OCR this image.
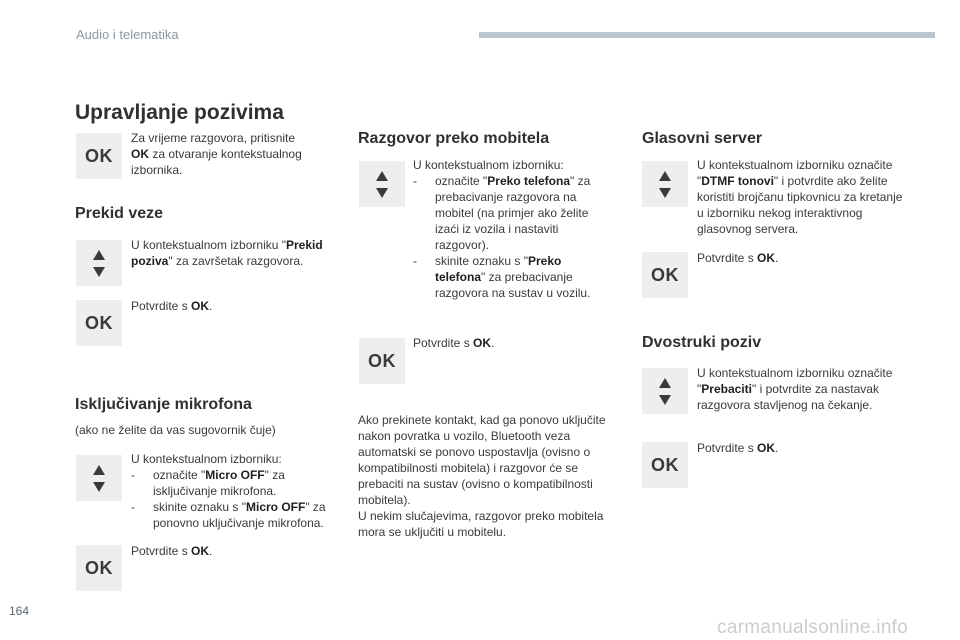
Audio i telematika
Upravljanje pozivima
OK

Za vrijeme razgovora, pritisnite
OK za otvaranje kontekstualnog izbornika.

Prekid veze

U kontekstualnom izborniku "Prekid poziva" za završetak razgovora.

OK

Potvrdite s OK.

Isključivanje mikrofona

(ako ne želite da vas sugovornik čuje)

U kontekstualnom izborniku:
-	označite "Micro OFF" za isključivanje mikrofona.
-	skinite oznaku s "Micro OFF" za ponovno uključivanje mikrofona.
OK

Potvrdite s OK.

Razgovor preko mobitela
U kontekstualnom izborniku:
-	označite "Preko telefona" za prebacivanje razgovora na mobitel (na primjer ako želite izaći iz vozila i nastaviti razgovor).
-	skinite oznaku s "Preko telefona" za prebacivanje razgovora na sustav u vozilu.
OK

Potvrdite s OK.

Ako prekinete kontakt, kad ga ponovo uključite nakon povratka u vozilo, Bluetooth veza automatski se ponovo uspostavlja (ovisno o kompatibilnosti mobitela) i razgovor će se prebaciti na sustav (ovisno o kompatibilnosti mobitela).
U nekim slučajevima, razgovor preko mobitela mora se uključiti u mobitelu.
Glasovni server

U kontekstualnom izborniku označite "DTMF tonovi" i potvrdite ako želite koristiti brojčanu tipkovnicu za kretanje u izborniku nekog interaktivnog glasovnog servera.

OK

Potvrdite s OK.

Dvostruki poziv

U kontekstualnom izborniku označite "Prebaciti" i potvrdite za nastavak razgovora stavljenog na čekanje.

OK

Potvrdite s OK.

164
carmanualsonline.info
